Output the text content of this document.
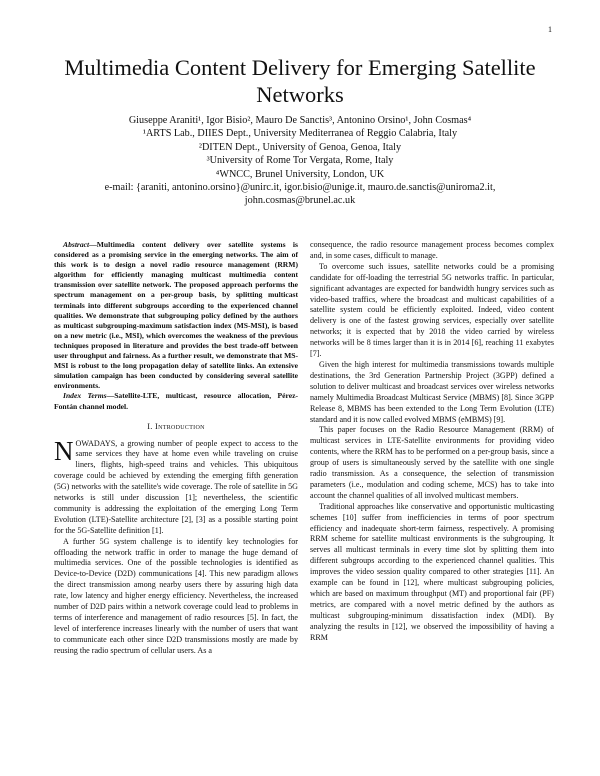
1
Multimedia Content Delivery for Emerging Satellite Networks
Giuseppe Araniti¹, Igor Bisio², Mauro De Sanctis³, Antonino Orsino¹, John Cosmas⁴
¹ARTS Lab., DIIES Dept., University Mediterranea of Reggio Calabria, Italy
²DITEN Dept., University of Genoa, Genoa, Italy
³University of Rome Tor Vergata, Rome, Italy
⁴WNCC, Brunel University, London, UK
e-mail: {araniti, antonino.orsino}@unirc.it, igor.bisio@unige.it, mauro.de.sanctis@uniroma2.it,
john.cosmas@brunel.ac.uk

Abstract—Multimedia content delivery over satellite systems is considered as a promising service in the emerging networks. The aim of this work is to design a novel radio resource management (RRM) algorithm for efficiently managing multicast multimedia content transmission over satellite network. The proposed approach performs the spectrum management on a per-group basis, by splitting multicast terminals into different subgroups according to the experienced channel qualities. We demonstrate that subgrouping policy defined by the authors as multicast subgrouping-maximum satisfaction index (MS-MSI), is based on a new metric (i.e., MSI), which overcomes the weakness of the previous techniques proposed in literature and provides the best trade-off between user throughput and fairness. As a further result, we demonstrate that MS-MSI is robust to the long propagation delay of satellite links. An extensive simulation campaign has been conducted by considering several satellite environments.

Index Terms—Satellite-LTE, multicast, resource allocation, Pérez-Fontán channel model.

I. Introduction

NOWADAYS, a growing number of people expect to access to the same services they have at home even while traveling on cruise liners, flights, high-speed trains and vehicles. This ubiquitous coverage could be achieved by extending the emerging fifth generation (5G) networks with the satellite's wide coverage. The role of satellite in 5G networks is still under discussion [1]; nevertheless, the scientific community is addressing the exploitation of the emerging Long Term Evolution (LTE)-Satellite architecture [2], [3] as a possible starting point for the 5G-Satellite definition [1].

A further 5G system challenge is to identify key technologies for offloading the network traffic in order to manage the huge demand of multimedia services. One of the possible technologies is identified as Device-to-Device (D2D) communications [4]. This new paradigm allows the direct transmission among nearby users there by assuring high data rate, low latency and higher energy efficiency. Nevertheless, the increased number of D2D pairs within a network coverage could lead to problems in terms of interference and management of radio resources [5]. In fact, the level of interference increases linearly with the number of users that want to communicate each other since D2D transmissions mostly are made by reusing the radio spectrum of cellular users. As a

consequence, the radio resource management process becomes complex and, in some cases, difficult to manage.

To overcome such issues, satellite networks could be a promising candidate for off-loading the terrestrial 5G networks traffic. In particular, significant advantages are expected for bandwidth hungry services such as video-based traffics, where the broadcast and multicast capabilities of a satellite system could be efficiently exploited. Indeed, video content delivery is one of the fastest growing services, especially over satellite networks; it is expected that by 2018 the video carried by wireless networks will be 8 times larger than it is in 2014 [6], reaching 11 exabytes [7].

Given the high interest for multimedia transmissions towards multiple destinations, the 3rd Generation Partnership Project (3GPP) defined a solution to deliver multicast and broadcast services over wireless networks namely Multimedia Broadcast Multicast Service (MBMS) [8]. Since 3GPP Release 8, MBMS has been extended to the Long Term Evolution (LTE) standard and it is now called evolved MBMS (eMBMS) [9].

This paper focuses on the Radio Resource Management (RRM) of multicast services in LTE-Satellite environments for providing video contents, where the RRM has to be performed on a per-group basis, since a group of users is simultaneously served by the satellite with one single radio transmission. As a consequence, the selection of transmission parameters (i.e., modulation and coding scheme, MCS) has to take into account the channel qualities of all involved multicast members.

Traditional approaches like conservative and opportunistic multicasting schemes [10] suffer from inefficiencies in terms of poor spectrum efficiency and inadequate short-term fairness, respectively. A promising RRM scheme for satellite multicast environments is the subgrouping. It serves all multicast terminals in every time slot by splitting them into different subgroups according to the experienced channel qualities. This improves the video session quality compared to other strategies [11]. An example can be found in [12], where multicast subgrouping policies, which are based on maximum throughput (MT) and proportional fair (PF) metrics, are compared with a novel metric defined by the authors as multicast subgrouping-minimum dissatisfaction index (MDI). By analyzing the results in [12], we observed the impossibility of having a RRM
